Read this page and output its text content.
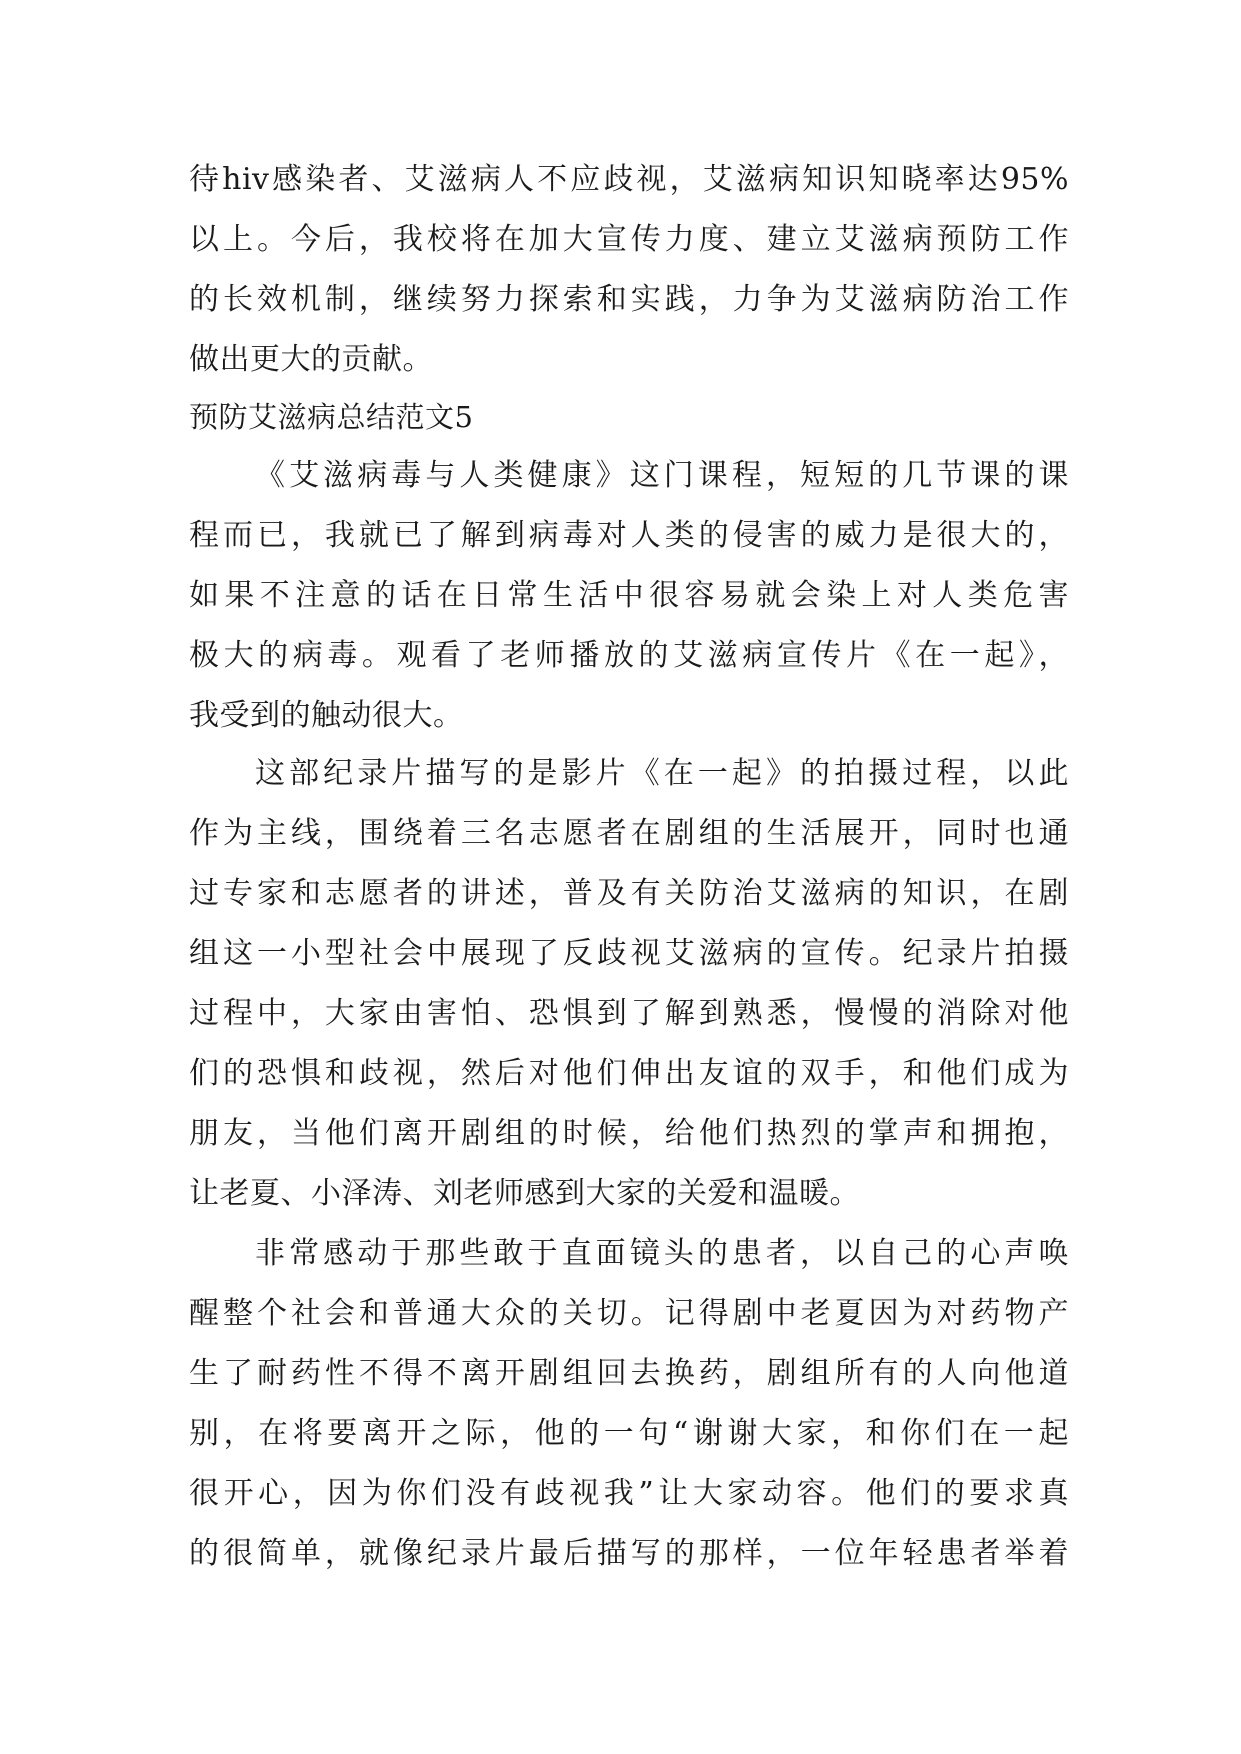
待hiv感染者、艾滋病人不应歧视，艾滋病知识知晓率达95%
以上。今后，我校将在加大宣传力度、建立艾滋病预防工作
的长效机制，继续努力探索和实践，力争为艾滋病防治工作
做出更大的贡献。
预防艾滋病总结范文5
《艾滋病毒与人类健康》这门课程，短短的几节课的课
程而已，我就已了解到病毒对人类的侵害的威力是很大的，
如果不注意的话在日常生活中很容易就会染上对人类危害
极大的病毒。观看了老师播放的艾滋病宣传片《在一起》，
我受到的触动很大。
这部纪录片描写的是影片《在一起》的拍摄过程，以此
作为主线，围绕着三名志愿者在剧组的生活展开，同时也通
过专家和志愿者的讲述，普及有关防治艾滋病的知识，在剧
组这一小型社会中展现了反歧视艾滋病的宣传。纪录片拍摄
过程中，大家由害怕、恐惧到了解到熟悉，慢慢的消除对他
们的恐惧和歧视，然后对他们伸出友谊的双手，和他们成为
朋友，当他们离开剧组的时候，给他们热烈的掌声和拥抱，
让老夏、小泽涛、刘老师感到大家的关爱和温暖。
非常感动于那些敢于直面镜头的患者，以自己的心声唤
醒整个社会和普通大众的关切。记得剧中老夏因为对药物产
生了耐药性不得不离开剧组回去换药，剧组所有的人向他道
别，在将要离开之际，他的一句“谢谢大家，和你们在一起
很开心，因为你们没有歧视我”让大家动容。他们的要求真
的很简单，就像纪录片最后描写的那样，一位年轻患者举着
